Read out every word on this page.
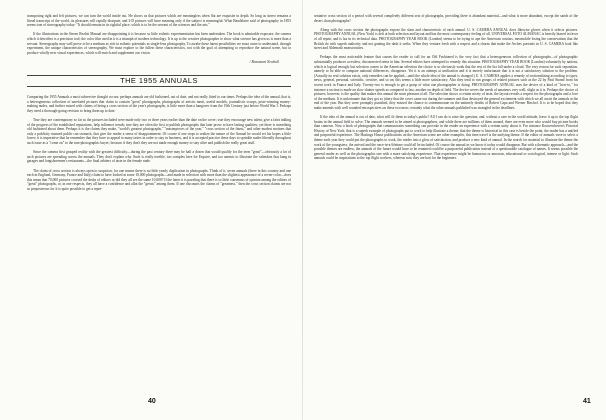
transposing right and left pictures, we can turn the world inside out. He shows us that pictures which are meaningless when flat are exquisite in depth. So long as stereo remains a literal transcript of the world, its pleasures will rapidly dissipate, and 3-D pictures will have meaning only if the subject is meaningful. What Baudelaire said of photography in 1855 seems true of stereography today: "It should remain in its rightful place, which is to be the servant of the sciences and the arts."

If the illustrations in the Stereo Realist Manual are disappointing it is because so little esthetic experimentation has been undertaken. The book is admirable exposure, the camera which it describes is a precision tool; the color film used in it is a triumph of modern technology. It is up to the creative photographer to show what science has given us is more than a servant. Stereography may well prove to be a medium as rich in esthetic potentials as single-lens photography. To awake these latent possibilities we must come to understand, through experiment, the unique characteristics of stereography. We must explore to the fullest these characteristics, not with the goal of attempting to reproduce the natural scene, but to produce wholly new visual experiences, which will enrich and supplement our vision.

/ Beaumont Newhall
THE 1955 ANNUALS

Comparing the 1955 Annuals a most subversive thought occurs: perhaps annuals are old fashioned, out of date, and not really fitted to our times. Perhaps the idea of the annual, that is, a heterogeneous collection of unrelated pictures that claim to contain "great" photographs, photographs of artistic merit, useful models, journalistic scoops, prize-winning money-making nudes, and further mixed with claims of being a cross section of the year's photographs, is little more than a hangover from the 19th Century just before World War I. Perhaps they need a thorough-going revision to bring them up to date.

True they are contemporary so far as the pictures included were made only two or three years earlier than the date on the cover; true they encourage new talent, give a faint inkling of the progress of the established reputations, help influence trends; true they are often the first to publish photographs that later prove to have lasting qualities; yet there is something old fashioned about them. Perhaps it is the claims they make, "world's greatest photographs," "masterpieces of the year," "cross section of the finest," and other modest mottoes that only a publicity stunned public can stomach, that give the reader a sense of disappointment. Of course if one stops to realize the nature of the Annual he would set his hopes a little lower; it is imperative that he remember that they have to appeal to many tastes in order to stay in business, and it is accepted practice these days to sprinkle nudes liberally throughout such issue as a "come on" to the non-photographic buyer; because if they don't they are not made enough money to stay alive and publish the really great stuff.

Since the camera first grasped reality with the greatest difficulty—during the past century there may be half a dozen that would qualify for the term "great"—obviously a lot of such pictures are spreading across the annuals. They don't explain why. Such is really terrible, too complex here for Esquire, and too anemic to illustrate the calendars that hang in garages and longshoremen's restaurants—the final arbiters of taste in the female nude.

The claim of cross section is always open to suspicion, for one means there is no little yearly duplication in photographs. Think of it, seven annuals (three in this country and one each in England, Germany, France and Italy) claim to have looked at some 10,000 photographs—and made in selection with more than the slightest appearance of a seven-color—does this mean that 70,000 pictures crossed the desks of editors or did they all see the same 10,000? If the latter it is puzzling that there is so little consensus of opinion among the editors of "great" photographs, or, in one respects, they all have a confidence and allot the "greats" among them. If one discounts the claims of "greatness," then the cross section claims are not so preposterous for it is quite possible to get a repre-

sentative cross section of a period with several completely different sets of photographs, providing there is abundant material—and what is more abundant, except the sands of the desert, than photographs?

Along with the cross section the photographs expose the slant and characteristic of each annual. U. S. CAMERA ANNUAL does likewise gloves when it selects pictures. PHOTOGRAPHY ANNUAL (New York) is deft at both selection and layout and has the most contemporary feeling of all. UNIVERSAL FOTO ALMANAC is heavily biased in favor of all repair, and is lax in its technical data. PHOTOGRAPHY YEAR BOOK (London) seems to be trying to ape the American cousins, meanwhile losing the conservatism that the British do with superb authority and not gaining the dash it seeks. When they venture fresh with a respect and a charm that make the Arches portraits in U. S. CAMERA look like street and Aldenrath monstrosities.

Perhaps the most noticeable feature that causes the reader to call for an Old Fashioned is the very fact that a heterogeneous collection of photographs—of photographic substantially produces a restless, disconnected sense in him. Several editors have attempted to remedy this situation. PHOTOGRAPHY YEAR BOOK (London) voluntarily by nations, which is logical enough; but selection comes to the American selection the choice is so obviously weak that the rest of the list fall under a cloud. The very reason for such separation, namely to be able to compare national differences, disappears. Yet it is an attempt at unification and it is merely unfortunate that it is not a satisfactory solution to the problem. (Actually no real solution exists, only remedies can be applied—until the whole idea of the annual is changed.) U. S. CAMERA applies a remedy of sectionalizing according to types, news, general, personal, scientific, creative, and so on; this seems a little more satisfactory. Also they tend to run groups of related pictures such as the 22 by Paul Strand from his recent work in France and Italy. Twenty-two is enough to get a grasp of what one photographer is doing. PHOTOGRAPHY ANNUAL uses the device of a kind of "how-to," for instance a section is made on slow shutter speeds as compared to fast, another on depth of field. The device serves the needs of amateurs very well, slight as it is. Perhaps the choice of pictures, however, is the quality that makes this annual the most pleasant of all. The selection shows a certain nicety of taste, the layout reveals a respect for the photographs and a love of the medium. It is unfortunate that they got so jittery that the cover came out during the summer and thus destroyed the general excitement with which we all await the annuals at the end of the year. But they were promptly punished, they missed the chance to commemorate on the untimely deaths of Robert Capa and Werner Bischof. It is to be hoped that they make amends with well rounded retrospectives on these two men; certainly what the other annuals published was strangled in the deadlines.

If the idea of the annual is out of date, what will fit them to today's public? All I can do is raise the question, and, without a care in the world attitude, leave it up to the top flight brains in the annual field to solve. The annuals seemed to be aimed at photographers, and while there are millions of them around, there are even more who would buy picture books than cameras. Now a book of photographs that communicates something can provoke in the reader an experience with a certain unity about it. For instance Kouwenhoven's Pictorial History of New York, that is a superb example of photographs put to work to help illustrate a theme; that the theme is historical in this case is beside the point, the reader has a unified and purposeful experience. The Hastings House publications on the American scene are other examples, this time travel is the unifying theme. If the editor of annuals were to select a theme each year they could put the photographs to work, the reader into a glow of satisfaction, and produce a new kind of annual. In the search for material to illustrate the theme the work of the youngsters, the arrived and the once-in-a-lifetime could all be included. Of course the annual as we know it today would disappear. But with a thematic approach—and the possible themes are endless, the annuals of the future would have to be renamed could be a purposeful publication instead of a questionable catalogue of names. It seems possible the general reader as well as the photographic one with a more satisfying experience. That experience might be humorous or amorous, educational or sociological, intense or light. Such annuals could be inspirations to the top flight workers, whereas now they are bait for the beginners.

40	41
